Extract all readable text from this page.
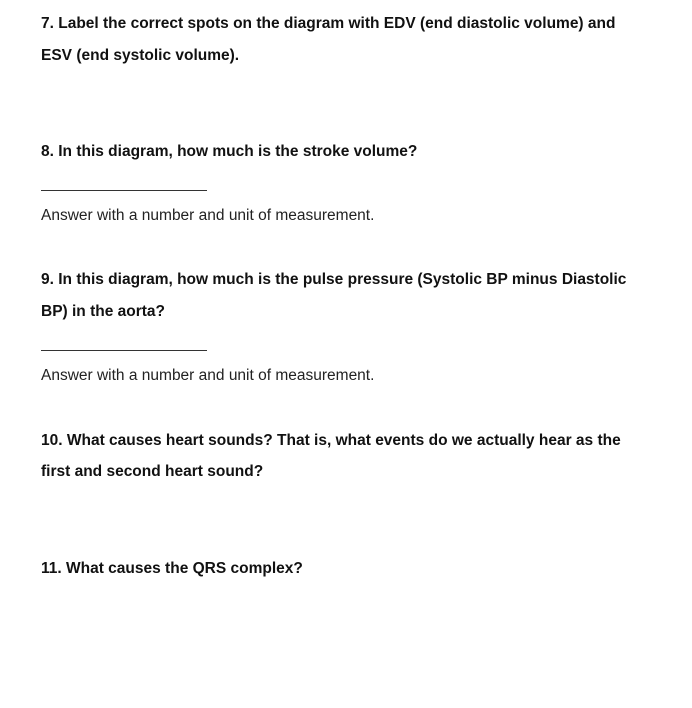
7. Label the correct spots on the diagram with EDV (end diastolic volume) and
ESV (end systolic volume).
8. In this diagram, how much is the stroke volume?
Answer with a number and unit of measurement.
9. In this diagram, how much is the pulse pressure (Systolic BP minus Diastolic
BP) in the aorta?
Answer with a number and unit of measurement.
10. What causes heart sounds? That is, what events do we actually hear as the
first and second heart sound?
11. What causes the QRS complex?
